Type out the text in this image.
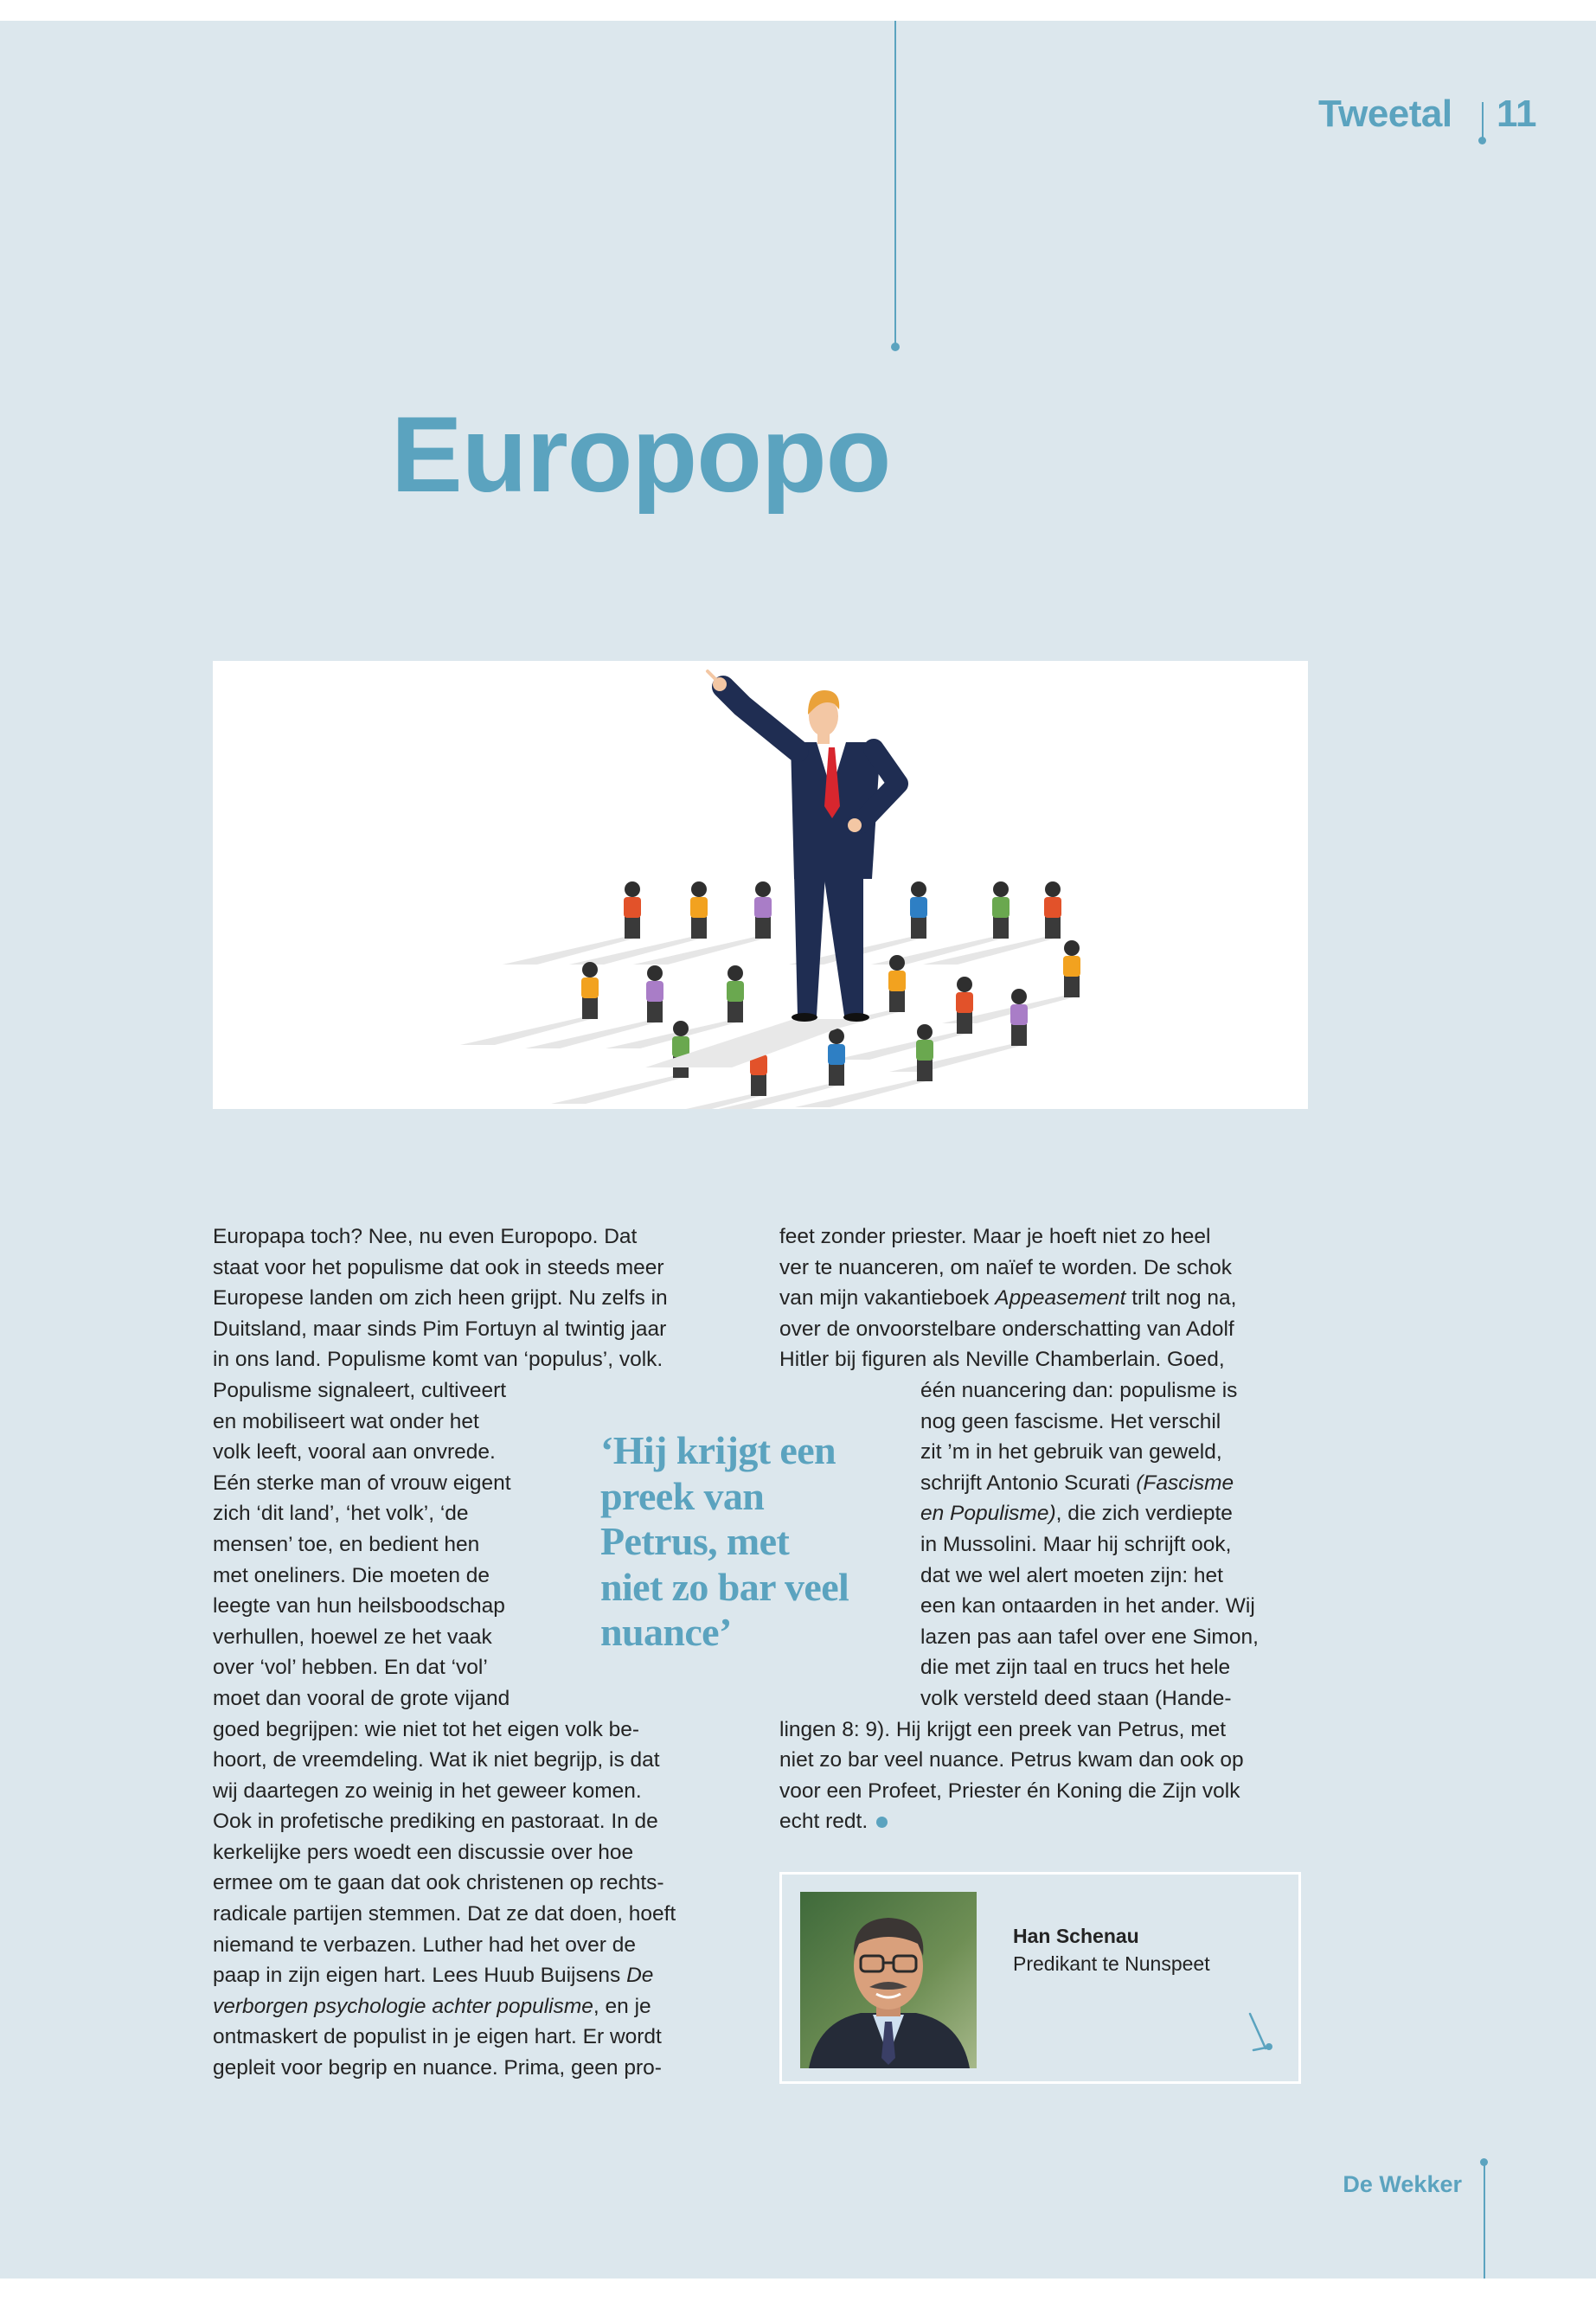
Tweetal 11
Europopo
Europapa toch? Nee, nu even Europopo. Dat
staat voor het populisme dat ook in steeds meer
Europese landen om zich heen grijpt. Nu zelfs in
Duitsland, maar sinds Pim Fortuyn al twintig jaar
in ons land. Populisme komt van ‘populus’, volk.
Populisme signaleert, cultiveert
en mobiliseert wat onder het
volk leeft, vooral aan onvrede.
Eén sterke man of vrouw eigent
zich ‘dit land’, ‘het volk’, ‘de
mensen’ toe, en bedient hen
met oneliners. Die moeten de
leegte van hun heilsboodschap
verhullen, hoewel ze het vaak
over ‘vol’ hebben. En dat ‘vol’
moet dan vooral de grote vijand
goed begrijpen: wie niet tot het eigen volk be-
hoort, de vreemdeling. Wat ik niet begrijp, is dat
wij daartegen zo weinig in het geweer komen.
Ook in profetische prediking en pastoraat. In de
kerkelijke pers woedt een discussie over hoe
ermee om te gaan dat ook christenen op rechts-
radicale partijen stemmen. Dat ze dat doen, hoeft
niemand te verbazen. Luther had het over de
paap in zijn eigen hart. Lees Huub Buijsens De
verborgen psychologie achter populisme, en je
ontmaskert de populist in je eigen hart. Er wordt
gepleit voor begrip en nuance. Prima, geen pro-
feet zonder priester. Maar je hoeft niet zo heel
ver te nuanceren, om naïef te worden. De schok
van mijn vakantieboek Appeasement trilt nog na,
over de onvoorstelbare onderschatting van Adolf
Hitler bij figuren als Neville Chamberlain. Goed,
één nuancering dan: populisme is
nog geen fascisme. Het verschil
zit ’m in het gebruik van geweld,
schrijft Antonio Scurati (Fascisme
en Populisme), die zich verdiepte
in Mussolini. Maar hij schrijft ook,
dat we wel alert moeten zijn: het
een kan ontaarden in het ander. Wij
lazen pas aan tafel over ene Simon,
die met zijn taal en trucs het hele
volk versteld deed staan (Hande-
lingen 8: 9). Hij krijgt een preek van Petrus, met
niet zo bar veel nuance. Petrus kwam dan ook op
voor een Profeet, Priester én Koning die Zijn volk
echt redt.
‘Hij krijgt een
preek van
Petrus, met
niet zo bar veel
nuance’
Han Schenau
Predikant te Nunspeet
De Wekker
